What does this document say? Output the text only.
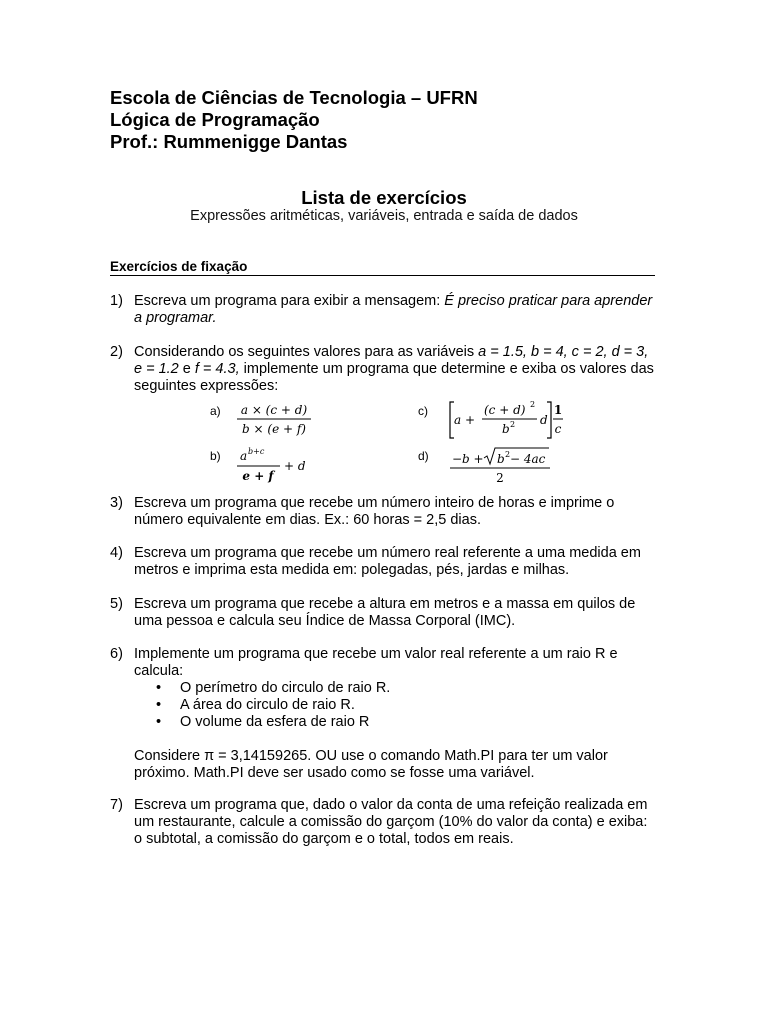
Escola de Ciências de Tecnologia – UFRN
Lógica de Programação
Prof.: Rummenigge Dantas
Lista de exercícios
Expressões aritméticas, variáveis, entrada e saída de dados
Exercícios de fixação
1) Escreva um programa para exibir a mensagem: É preciso praticar para aprender a programar.
2) Considerando os seguintes valores para as variáveis a = 1.5, b = 4, c = 2, d = 3, e = 1.2 e f = 4.3, implemente um programa que determine e exiba os valores das seguintes expressões:
a)
b)
c)
d)
a × (c + d)
b × (e + f)
a b+c
e + f
+ d
a +
(c + d) 2
b 2 d
1
c
−b + b 2 − 4ac
2
3) Escreva um programa que recebe um número inteiro de horas e imprime o número equivalente em dias. Ex.: 60 horas = 2,5 dias.
4) Escreva um programa que recebe um número real referente a uma medida em metros e imprima esta medida em: polegadas, pés, jardas e milhas.
5) Escreva um programa que recebe a altura em metros e a massa em quilos de uma pessoa e calcula seu Índice de Massa Corporal (IMC).
6) Implemente um programa que recebe um valor real referente a um raio R e calcula:
• O perímetro do circulo de raio R.
• A área do circulo de raio R.
• O volume da esfera de raio R
Considere π = 3,14159265. OU use o comando Math.PI para ter um valor próximo. Math.PI deve ser usado como se fosse uma variável.
7) Escreva um programa que, dado o valor da conta de uma refeição realizada em um restaurante, calcule a comissão do garçom (10% do valor da conta) e exiba: o subtotal, a comissão do garçom e o total, todos em reais.
